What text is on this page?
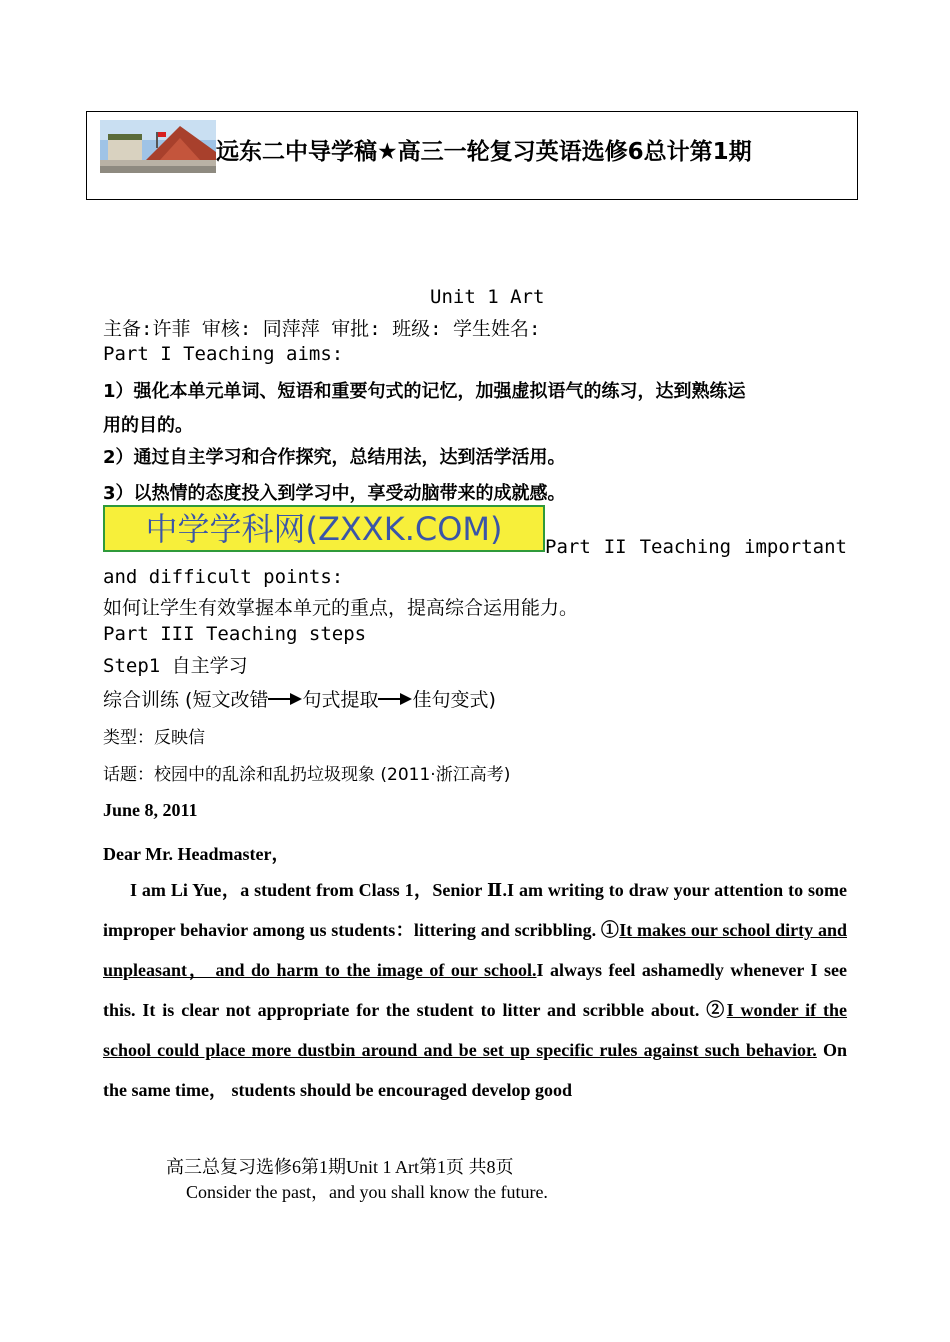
远东二中导学稿★高三一轮复习英语选修6总计第1期
Unit 1 Art
主备:许菲 审核: 同萍萍 审批: 班级: 学生姓名:
Part I Teaching aims:
1）强化本单元单词、短语和重要句式的记忆，加强虚拟语气的练习，达到熟练运
用的目的。
2）通过自主学习和合作探究，总结用法，达到活学活用。
3）以热情的态度投入到学习中，享受动脑带来的成就感。
中学学科网(ZXXK.COM) Part II Teaching important
and difficult points:
如何让学生有效掌握本单元的重点，提高综合运用能力。
Part III Teaching steps
Step1 自主学习
综合训练 (短文改错 句式提取 佳句变式)
类型：反映信
话题：校园中的乱涂和乱扔垃圾现象 (2011·浙江高考)
June 8, 2011
Dear Mr. Headmaster，
I am Li Yue，a student from Class 1，Senior Ⅱ.I am writing to draw your attention to some improper behavior among us students：littering and scribbling. ①It makes our school dirty and unpleasant， and do harm to the image of our school.I always feel ashamedly whenever I see this. It is clear not appropriate for the student to litter and scribble about. ②I wonder if the school could place more dustbin around and be set up specific rules against such behavior. On the same time， students should be encouraged develop good
高三总复习选修6第1期Unit 1 Art第1页 共8页
Consider the past，and you shall know the future.
